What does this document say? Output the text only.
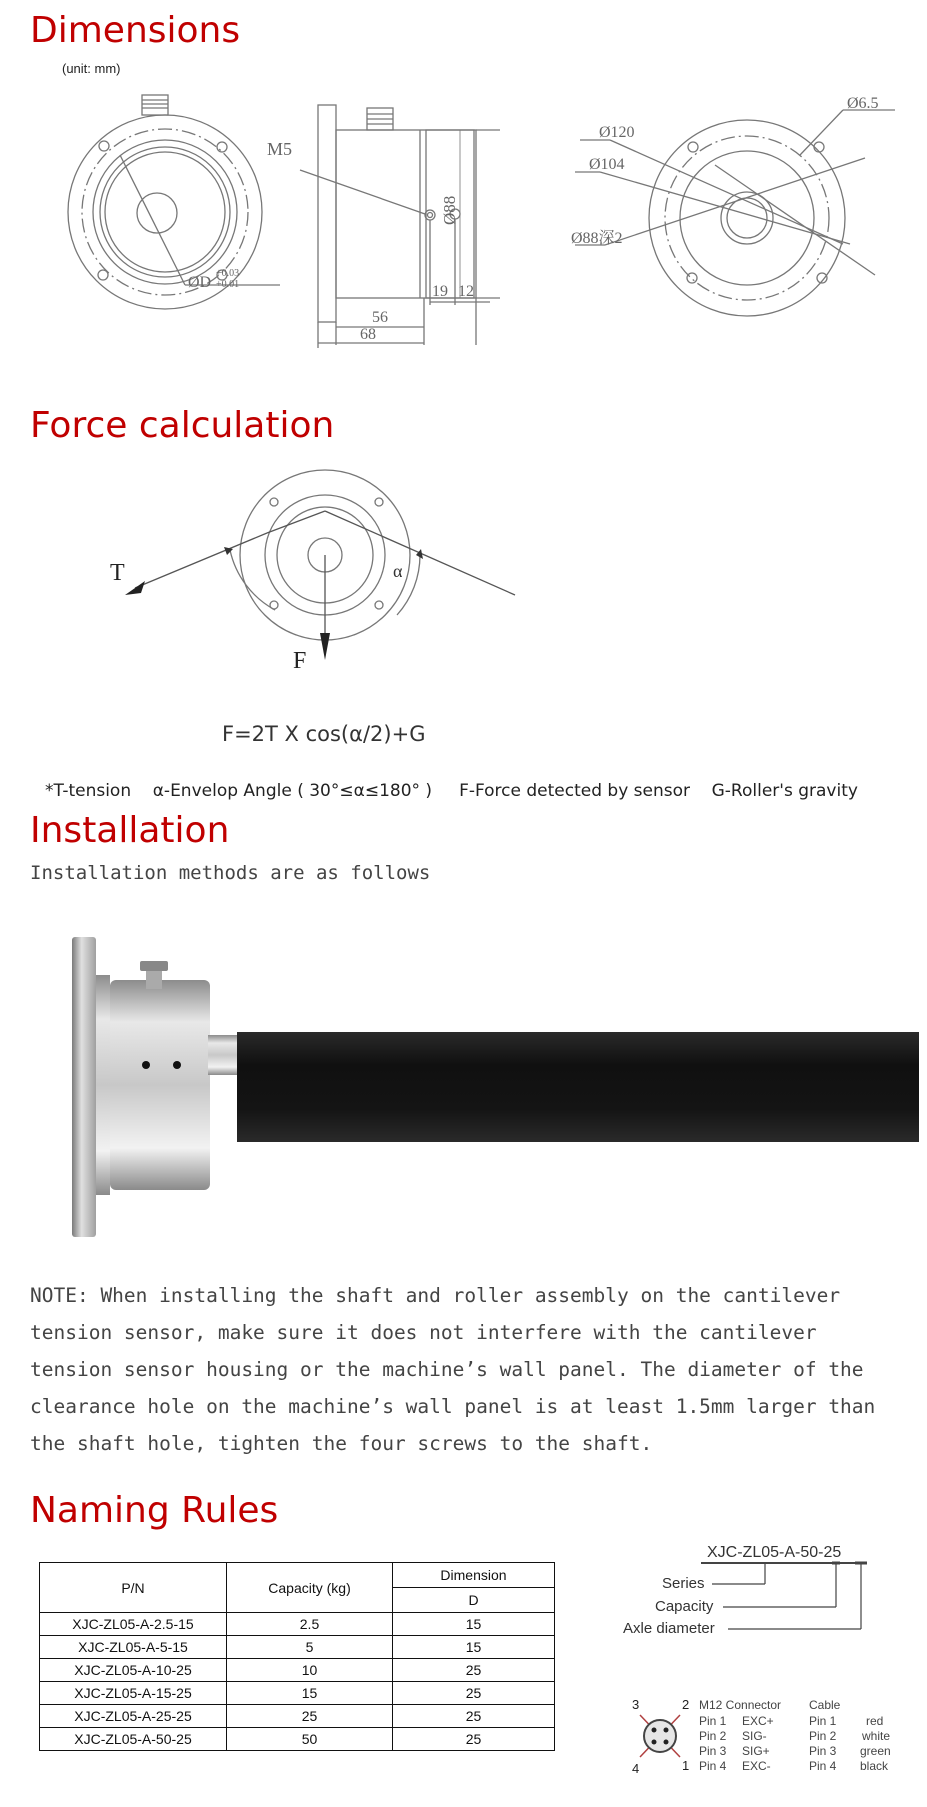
Dimensions
(unit: mm)
ØD
+0.03
+0.01
M5
Ø88
19 12
56
68
Ø120
Ø104
Ø88深2
Ø6.5
Force calculation
T
F
α
F=2T X cos(α/2)+G
*T-tension    α-Envelop Angle ( 30°≤α≤180° )     F-Force detected by sensor    G-Roller's gravity
Installation
Installation methods are as follows
NOTE: When installing the shaft and roller assembly on the cantilever tension sensor, make sure it does not interfere with the cantilever tension sensor housing or the machine’s wall panel. The diameter of the clearance hole on the machine’s wall panel is at least 1.5mm larger than the shaft hole, tighten the four screws to the shaft.
Naming Rules
P/N	Capacity (kg)	Dimension
		D
XJC-ZL05-A-2.5-15	2.5	15
XJC-ZL05-A-5-15	5	15
XJC-ZL05-A-10-25	10	25
XJC-ZL05-A-15-25	15	25
XJC-ZL05-A-25-25	25	25
XJC-ZL05-A-50-25	50	25
XJC-ZL05-A-50-25
Series
Capacity
Axle diameter
3	2
4	1
M12 Connector Cable
Pin 1 EXC+	Pin 1 red
Pin 2 SIG-	Pin 2 white
Pin 3 SIG+	Pin 3 green
Pin 4 EXC-	Pin 4 black
